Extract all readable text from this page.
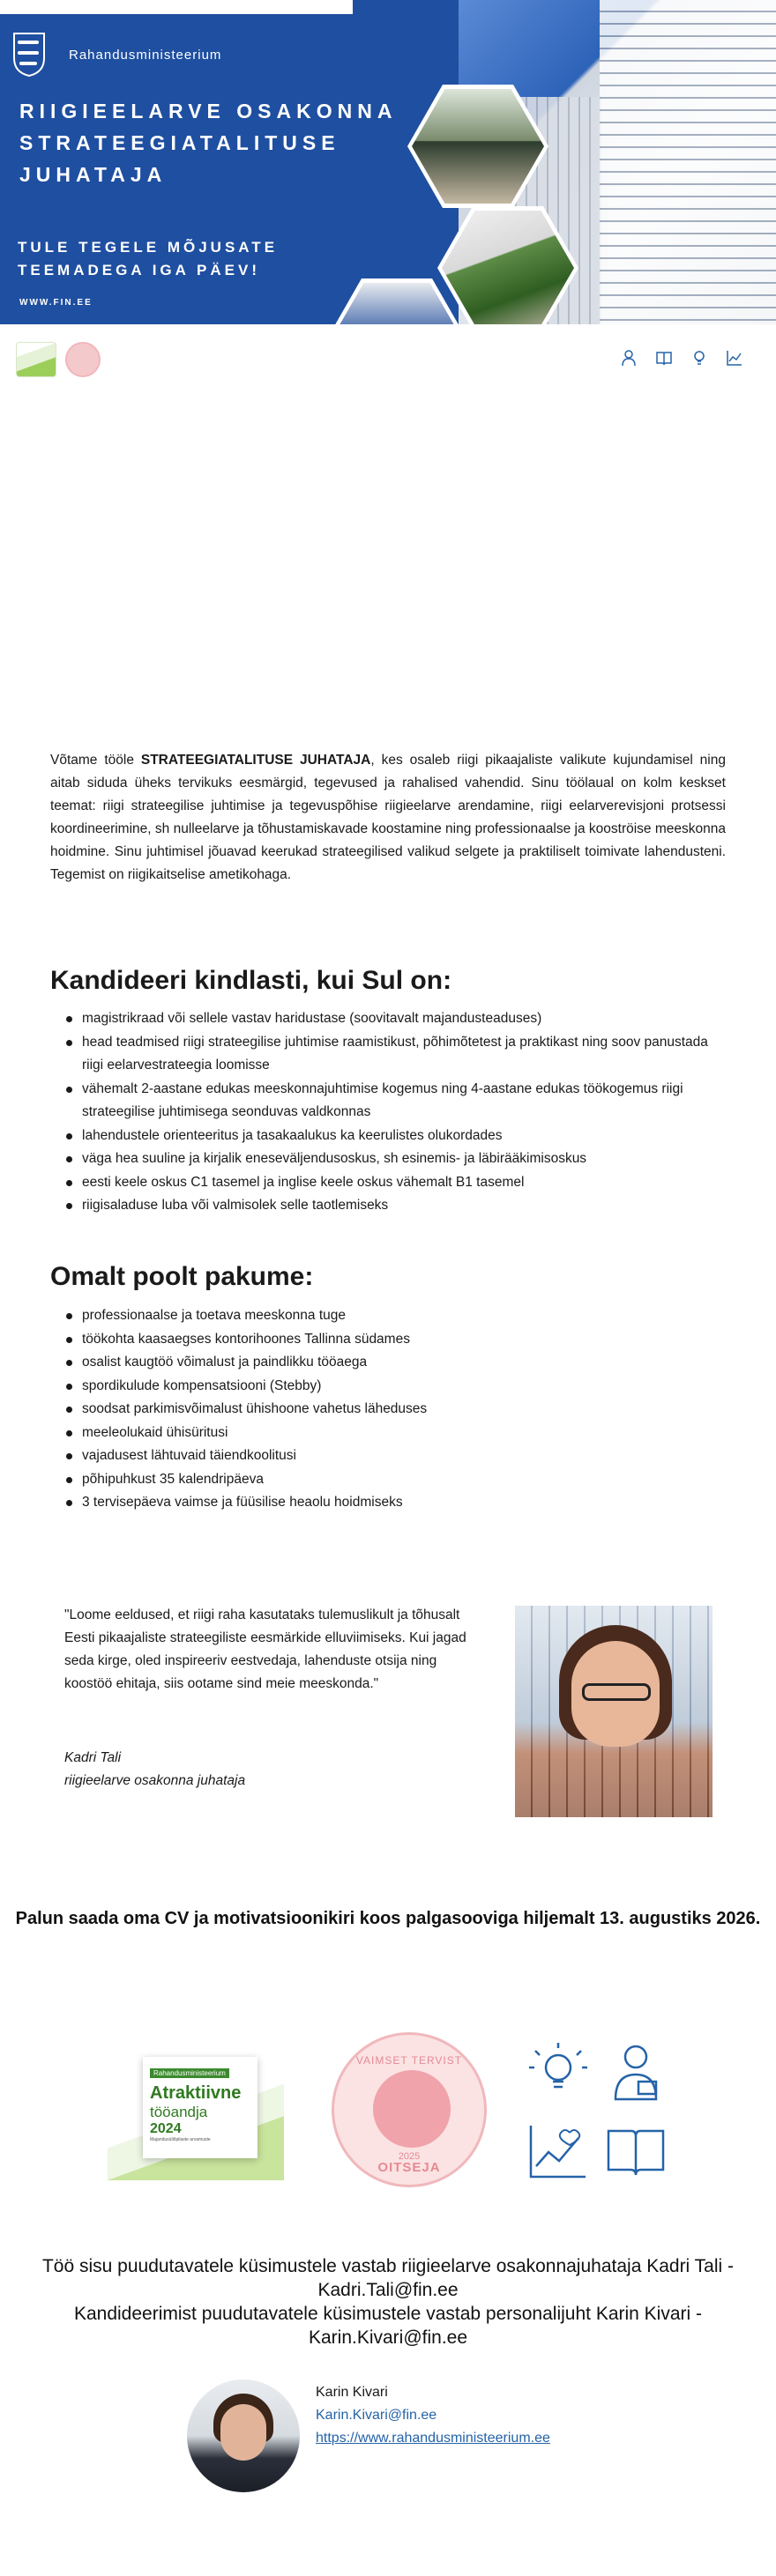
Rahandusministeerium
RIIGIEELARVE OSAKONNA
STRATEEGIATALITUSE
JUHATAJA
TULE TEGELE MÕJUSATE
TEEMADEGA IGA PÄEV!
WWW.FIN.EE

Võtame tööle STRATEEGIATALITUSE JUHATAJA, kes osaleb riigi pikaajaliste valikute kujundamisel ning aitab siduda üheks tervikuks eesmärgid, tegevused ja rahalised vahendid. Sinu töölaual on kolm keskset teemat: riigi strateegilise juhtimise ja tegevuspõhise riigieelarve arendamine, riigi eelarverevisjoni protsessi koordineerimine, sh nulleelarve ja tõhustamiskavade koostamine ning professionaalse ja kooströise meeskonna hoidmine. Sinu juhtimisel jõuavad keerukad strateegilised valikud selgete ja praktiliselt toimivate lahendusteni. Tegemist on riigikaitselise ametikohaga.

Kandideeri kindlasti, kui Sul on:
magistrikraad või sellele vastav haridustase (soovitavalt majandusteaduses)
head teadmised riigi strateegilise juhtimise raamistikust, põhimõtetest ja praktikast ning soov panustada riigi eelarvestrateegia loomisse
vähemalt 2-aastane edukas meeskonnajuhtimise kogemus ning 4-aastane edukas töökogemus riigi strateegilise juhtimisega seonduvas valdkonnas
lahendustele orienteeritus ja tasakaalukus ka keerulistes olukordades
väga hea suuline ja kirjalik eneseväljendusoskus, sh esinemis- ja läbirääkimisoskus
eesti keele oskus C1 tasemel ja inglise keele oskus vähemalt B1 tasemel
riigisaladuse luba või valmisolek selle taotlemiseks
Omalt poolt pakume:
professionaalse ja toetava meeskonna tuge
töökohta kaasaegses kontorihoones Tallinna südames
osalist kaugtöö võimalust ja paindlikku tööaega
spordikulude kompensatsiooni (Stebby)
soodsat parkimisvõimalust ühishoone vahetus läheduses
meeleolukaid ühisüritusi
vajadusest lähtuvaid täiendkoolitusi
põhipuhkust 35 kalendripäeva
3 tervisepäeva vaimse ja füüsilise heaolu hoidmiseks

"Loome eeldused, et riigi raha kasutataks tulemuslikult ja tõhusalt Eesti pikaajaliste strateegiliste eesmärkide elluviimiseks. Kui jagad seda kirge, oled inspireeriv eestvedaja, lahenduste otsija ning koostöö ehitaja, siis ootame sind meie meeskonda."

Kadri Tali
riigieelarve osakonna juhataja
Palun saada oma CV ja motivatsioonikiri koos palgasooviga hiljemalt 13. augustiks 2026.
Rahandusministeerium
Atraktiivne
tööandja
2024
Majandusüliõpilaste arvamuste
VAIMSET TERVIST
2025
OITSEJA
Töö sisu puudutavatele küsimustele vastab riigieelarve osakonnajuhataja Kadri Tali - Kadri.Tali@fin.ee
Kandideerimist puudutavatele küsimustele vastab personalijuht Karin Kivari - Karin.Kivari@fin.ee
Karin Kivari
Karin.Kivari@fin.ee
https://www.rahandusministeerium.ee
